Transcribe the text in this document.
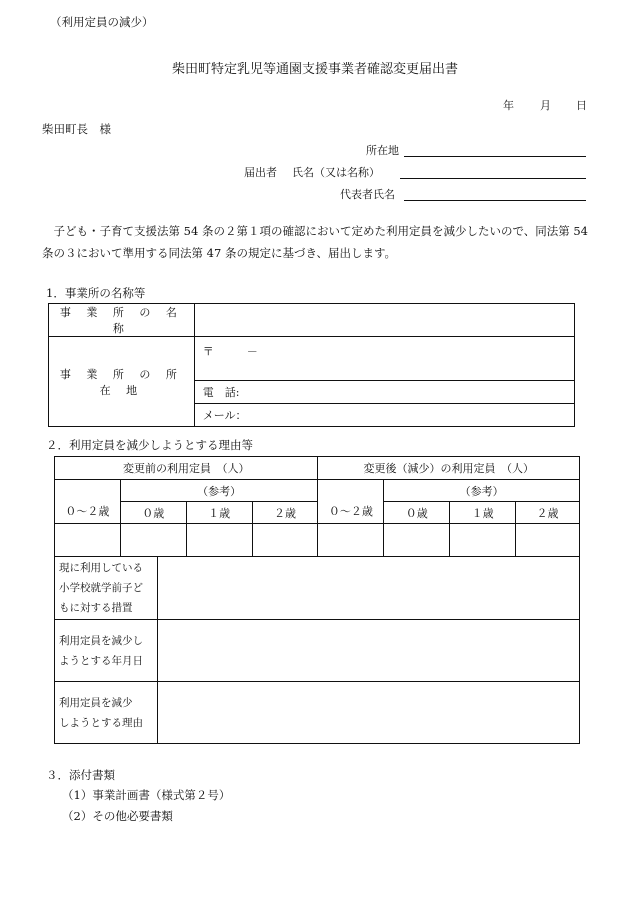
（利用定員の減少）
柴田町特定乳児等通園支援事業者確認変更届出書
年 月 日
柴田町長　様
所在地
届出者 氏名（又は名称）
代表者氏名
　子ども・子育て支援法第 54 条の２第１項の確認において定めた利用定員を減少したいので、同法第 54 条の３において準用する同法第 47 条の規定に基づき、届出します。
1．事業所の名称等
事 業 所 の 名 称	
事 業 所 の 所 在 地	〒　　　－
	電　話:
	メール：
２．利用定員を減少しようとする理由等
変更前の利用定員　（人）				変更後（減少）の利用定員　（人）			
０～２歳	（参考）			０～２歳	（参考）		
	０歳	１歳	２歳		０歳	１歳	２歳

現に利用している
小学校就学前子ど
もに対する措置	

利用定員を減少し
ようとする年月日	

利用定員を減少
しようとする理由	

３．添付書類
（1）事業計画書（様式第２号）
（2）その他必要書類
